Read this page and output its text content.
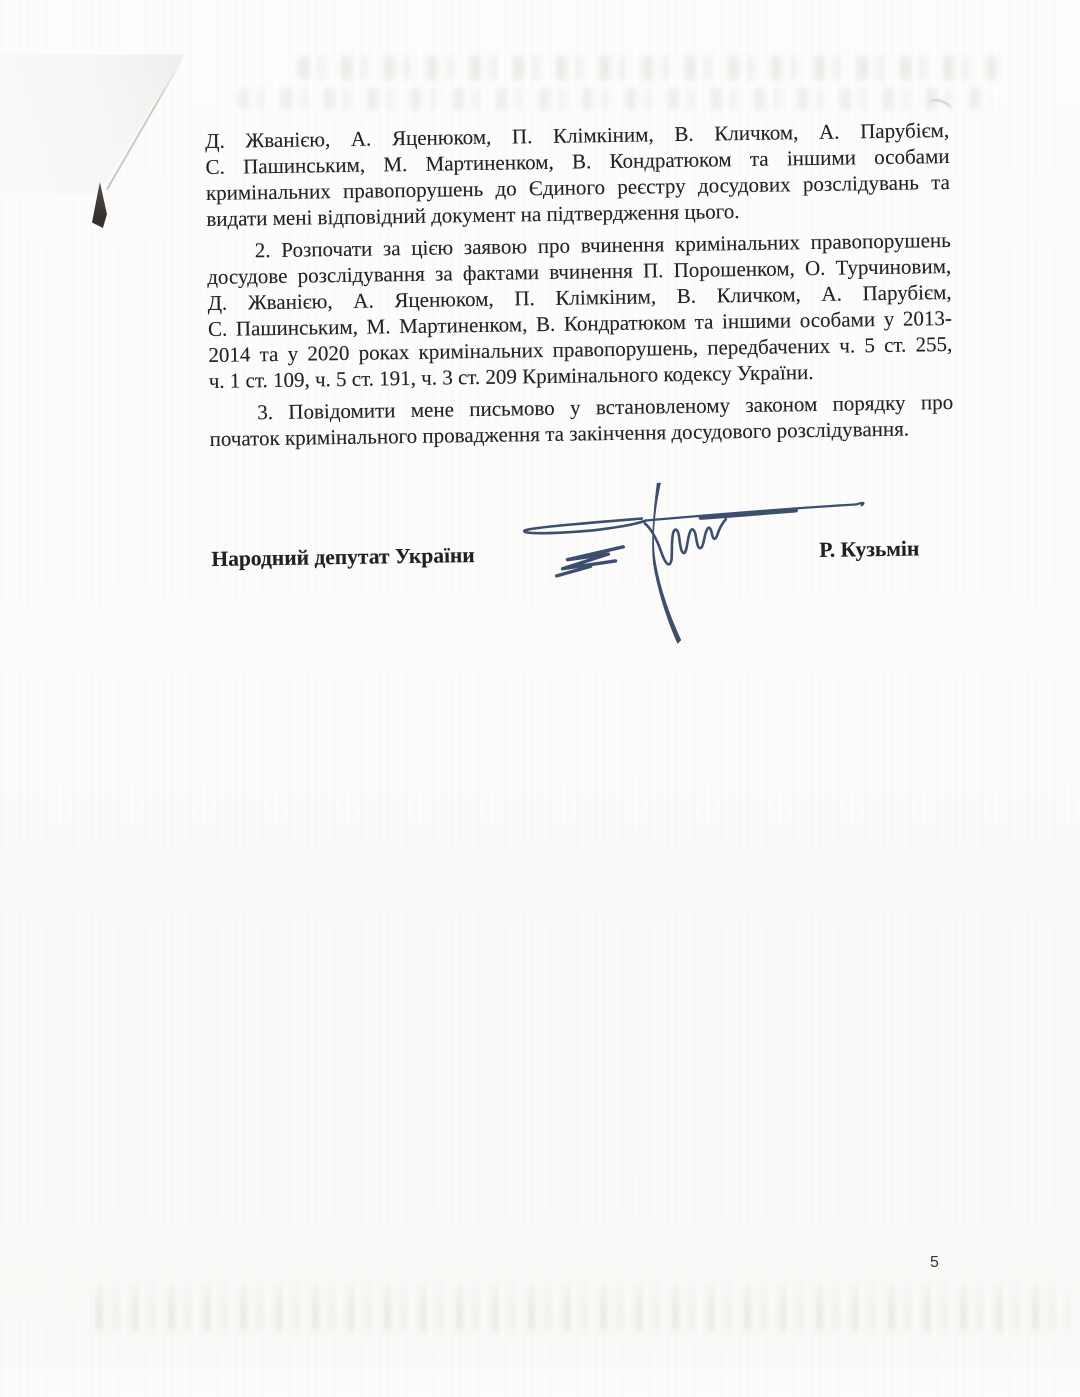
Д. Жванією, А. Яценюком, П. Клімкіним, В. Кличком, А. Парубієм,
С. Пашинським, М. Мартиненком, В. Кондратюком та іншими особами
кримінальних правопорушень до Єдиного реєстру досудових розслідувань та
видати мені відповідний документ на підтвердження цього.
2. Розпочати за цією заявою про вчинення кримінальних правопорушень
досудове розслідування за фактами вчинення П. Порошенком, О. Турчиновим,
Д. Жванією, А. Яценюком, П. Клімкіним, В. Кличком, А. Парубієм,
С. Пашинським, М. Мартиненком, В. Кондратюком та іншими особами у 2013-
2014 та у 2020 роках кримінальних правопорушень, передбачених ч. 5 ст. 255,
ч. 1 ст. 109, ч. 5 ст. 191, ч. 3 ст. 209 Кримінального кодексу України.
3. Повідомити мене письмово у встановленому законом порядку про
початок кримінального провадження та закінчення досудового розслідування.
Народний депутат України	Р. Кузьмін
5
